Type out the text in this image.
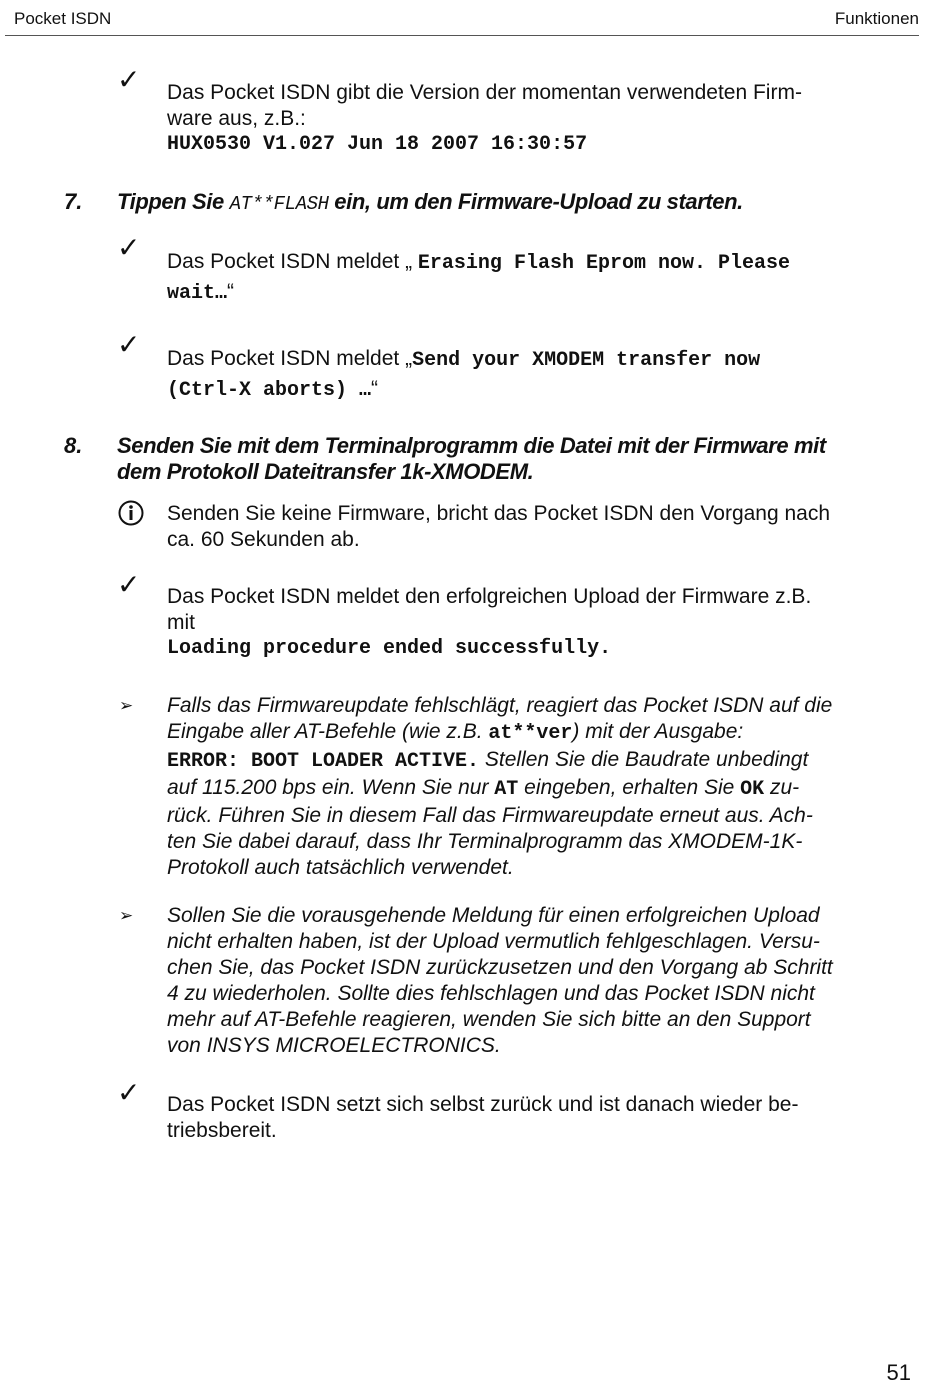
Pocket ISDN	Funktionen
✓	Das Pocket ISDN gibt die Version der momentan verwendeten Firm-
ware aus, z.B.:
HUX0530 V1.027 Jun 18 2007 16:30:57
7. Tippen Sie AT**FLASH ein, um den Firmware-Upload zu starten.
✓	Das Pocket ISDN meldet „ Erasing Flash Eprom now. Please
wait…“
✓	Das Pocket ISDN meldet „Send your XMODEM transfer now
(Ctrl-X aborts) …“
8. Senden Sie mit dem Terminalprogramm die Datei mit der Firmware mit
dem Protokoll Dateitransfer 1k-XMODEM.
Senden Sie keine Firmware, bricht das Pocket ISDN den Vorgang nach
ca. 60 Sekunden ab.
✓	Das Pocket ISDN meldet den erfolgreichen Upload der Firmware z.B.
mit
Loading procedure ended successfully.
➢	Falls das Firmwareupdate fehlschlägt, reagiert das Pocket ISDN auf die
Eingabe aller AT-Befehle (wie z.B. at**ver) mit der Ausgabe:
ERROR: BOOT LOADER ACTIVE. Stellen Sie die Baudrate unbedingt
auf 115.200 bps ein. Wenn Sie nur AT eingeben, erhalten Sie OK zu-
rück. Führen Sie in diesem Fall das Firmwareupdate erneut aus. Ach-
ten Sie dabei darauf, dass Ihr Terminalprogramm das XMODEM-1K-
Protokoll auch tatsächlich verwendet.
➢	Sollen Sie die vorausgehende Meldung für einen erfolgreichen Upload
nicht erhalten haben, ist der Upload vermutlich fehlgeschlagen. Versu-
chen Sie, das Pocket ISDN zurückzusetzen und den Vorgang ab Schritt
4 zu wiederholen. Sollte dies fehlschlagen und das Pocket ISDN nicht
mehr auf AT-Befehle reagieren, wenden Sie sich bitte an den Support
von INSYS MICROELECTRONICS.
✓	Das Pocket ISDN setzt sich selbst zurück und ist danach wieder be-
triebsbereit.
51
